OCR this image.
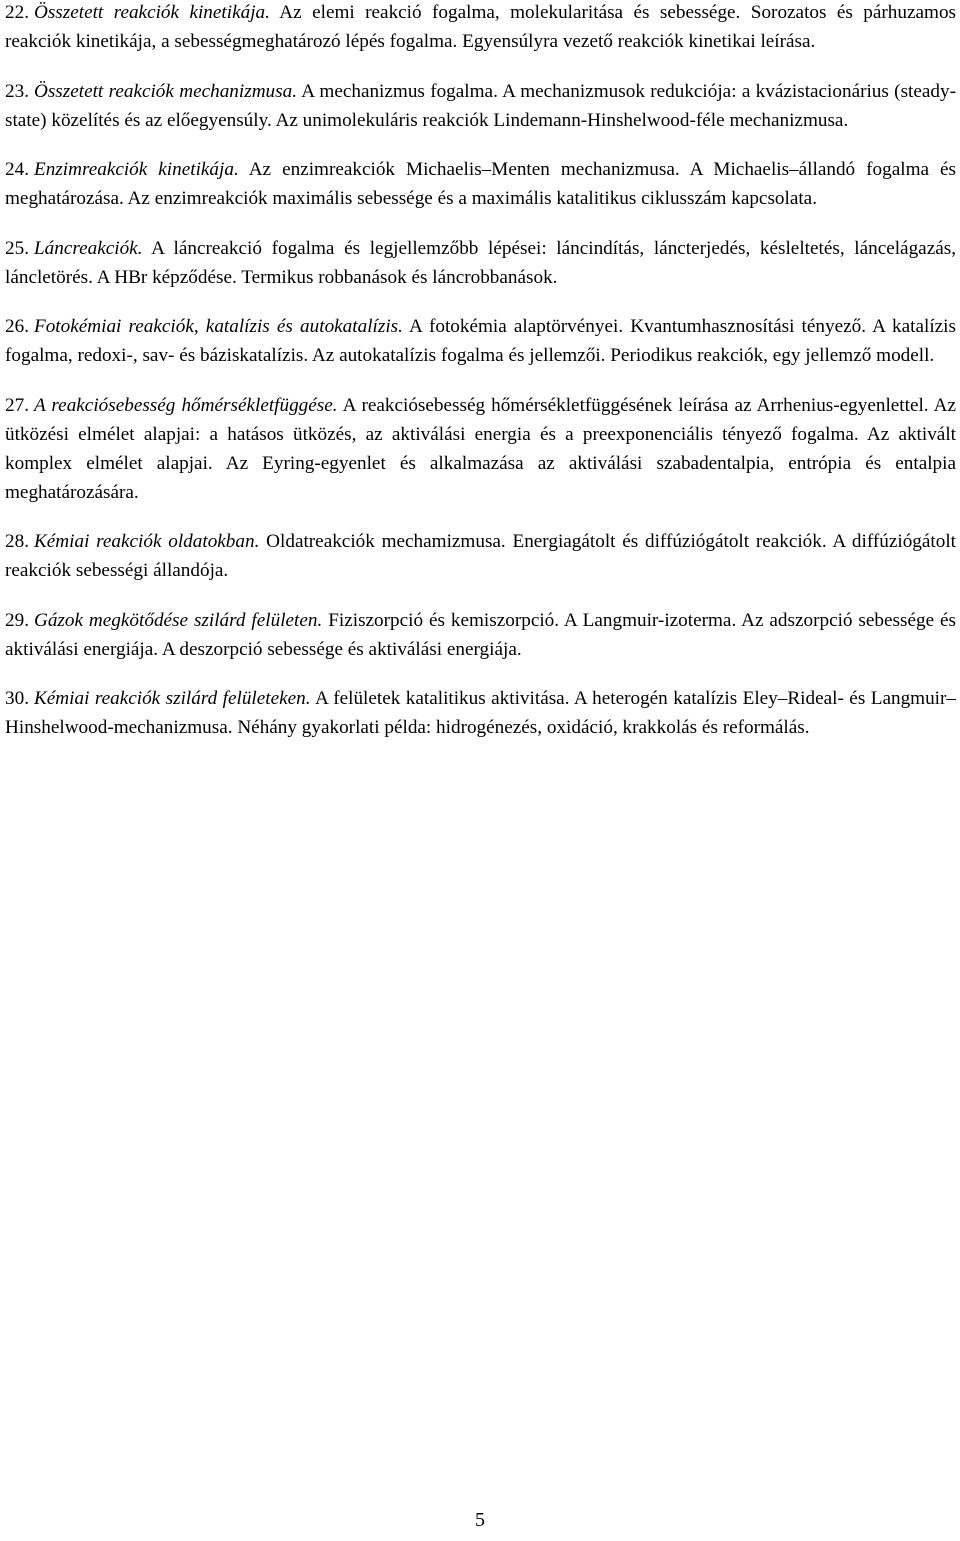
22. Összetett reakciók kinetikája. Az elemi reakció fogalma, molekularitása és sebessége. Sorozatos és párhuzamos reakciók kinetikája, a sebességmeghatározó lépés fogalma. Egyensúlyra vezető reakciók kinetikai leírása.

23. Összetett reakciók mechanizmusa. A mechanizmus fogalma. A mechanizmusok redukciója: a kvázistacionárius (steady-state) közelítés és az előegyensúly. Az unimolekuláris reakciók Lindemann-Hinshelwood-féle mechanizmusa.

24. Enzimreakciók kinetikája. Az enzimreakciók Michaelis–Menten mechanizmusa. A Michaelis–állandó fogalma és meghatározása. Az enzimreakciók maximális sebessége és a maximális katalitikus ciklusszám kapcsolata.

25. Láncreakciók. A láncreakció fogalma és legjellemzőbb lépései: láncindítás, láncterjedés, késleltetés, láncelágazás, láncletörés. A HBr képződése. Termikus robbanások és láncrobbanások.

26. Fotokémiai reakciók, katalízis és autokatalízis. A fotokémia alaptörvényei. Kvantumhasznosítási tényező. A katalízis fogalma, redoxi-, sav- és báziskatalízis. Az autokatalízis fogalma és jellemzői. Periodikus reakciók, egy jellemző modell.

27. A reakciósebesség hőmérsékletfüggése. A reakciósebesség hőmérsékletfüggésének leírása az Arrhenius-egyenlettel. Az ütközési elmélet alapjai: a hatásos ütközés, az aktiválási energia és a preexponenciális tényező fogalma. Az aktivált komplex elmélet alapjai. Az Eyring-egyenlet és alkalmazása az aktiválási szabadentalpia, entrópia és entalpia meghatározására.

28. Kémiai reakciók oldatokban. Oldatreakciók mechamizmusa. Energiagátolt és diffúziógátolt reakciók. A diffúziógátolt reakciók sebességi állandója.

29. Gázok megkötődése szilárd felületen. Fiziszorpció és kemiszorpció. A Langmuir-izoterma. Az adszorpció sebessége és aktiválási energiája. A deszorpció sebessége és aktiválási energiája.

30. Kémiai reakciók szilárd felületeken. A felületek katalitikus aktivitása. A heterogén katalízis Eley–Rideal- és Langmuir–Hinshelwood-mechanizmusa. Néhány gyakorlati példa: hidrogénezés, oxidáció, krakkolás és reformálás.

5
